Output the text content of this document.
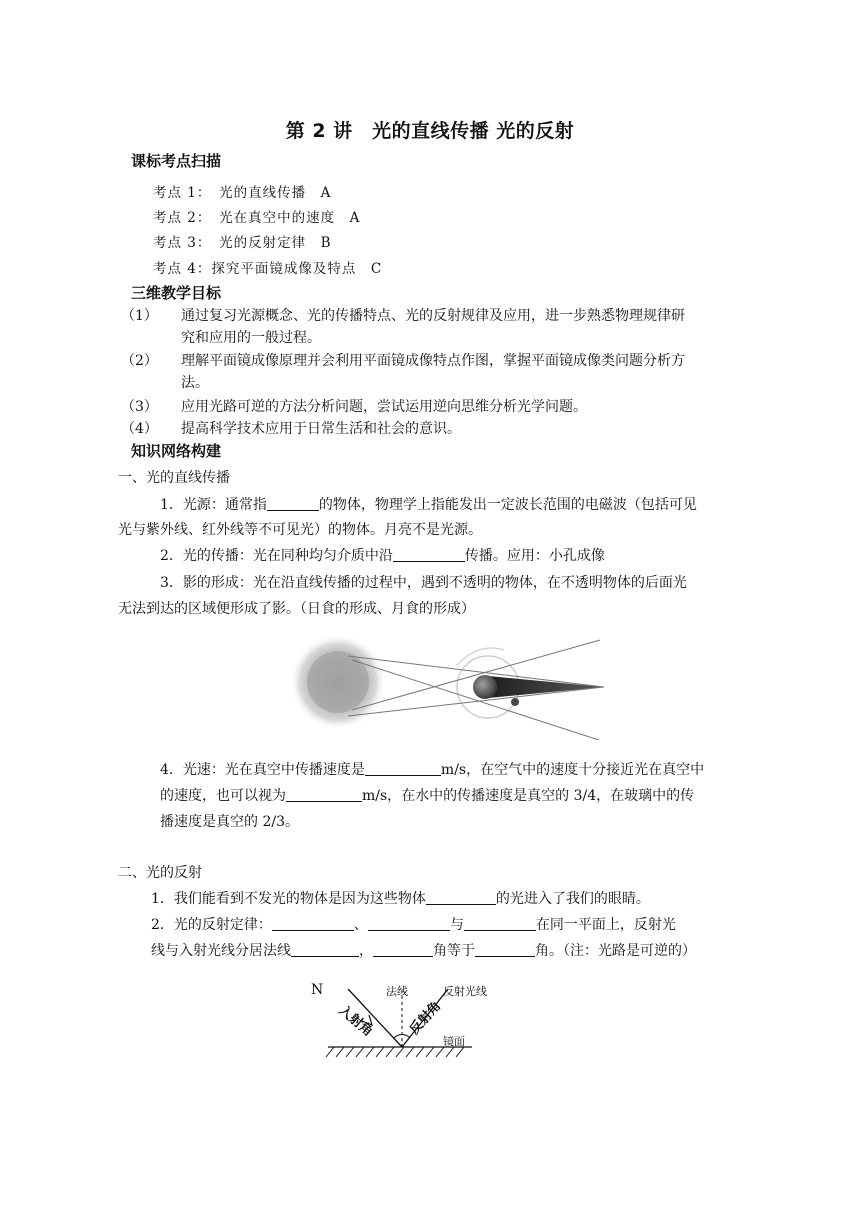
第 2 讲　光的直线传播 光的反射
课标考点扫描
考点 1：　光的直线传播　A
考点 2：　光在真空中的速度　A
考点 3：　光的反射定律　B
考点 4：探究平面镜成像及特点　C
三维教学目标
（1） 通过复习光源概念、光的传播特点、光的反射规律及应用，进一步熟悉物理规律研
究和应用的一般过程。
（2） 理解平面镜成像原理并会利用平面镜成像特点作图，掌握平面镜成像类问题分析方
法。
（3） 应用光路可逆的方法分析问题，尝试运用逆向思维分析光学问题。
（4） 提高科学技术应用于日常生活和社会的意识。
知识网络构建
一、光的直线传播
1．光源：通常指	的物体，物理学上指能发出一定波长范围的电磁波（包括可见
光与紫外线、红外线等不可见光）的物体。月亮不是光源。
2．光的传播：光在同种均匀介质中沿	传播。应用：小孔成像
3．影的形成：光在沿直线传播的过程中，遇到不透明的物体，在不透明物体的后面光
无法到达的区域便形成了影。（日食的形成、月食的形成）
4．光速：光在真空中传播速度是	m/s，在空气中的速度十分接近光在真空中
的速度，也可以视为	m/s，在水中的传播速度是真空的 3/4，在玻璃中的传
播速度是真空的 2/3。
二、光的反射
1．我们能看到不发光的物体是因为这些物体	的光进入了我们的眼睛。
2．光的反射定律：	、	与	在同一平面上，反射光
线与入射光线分居法线	，	角等于	角。（注：光路是可逆的）
N	法线	反射光线
入射角 反射角
镜面
